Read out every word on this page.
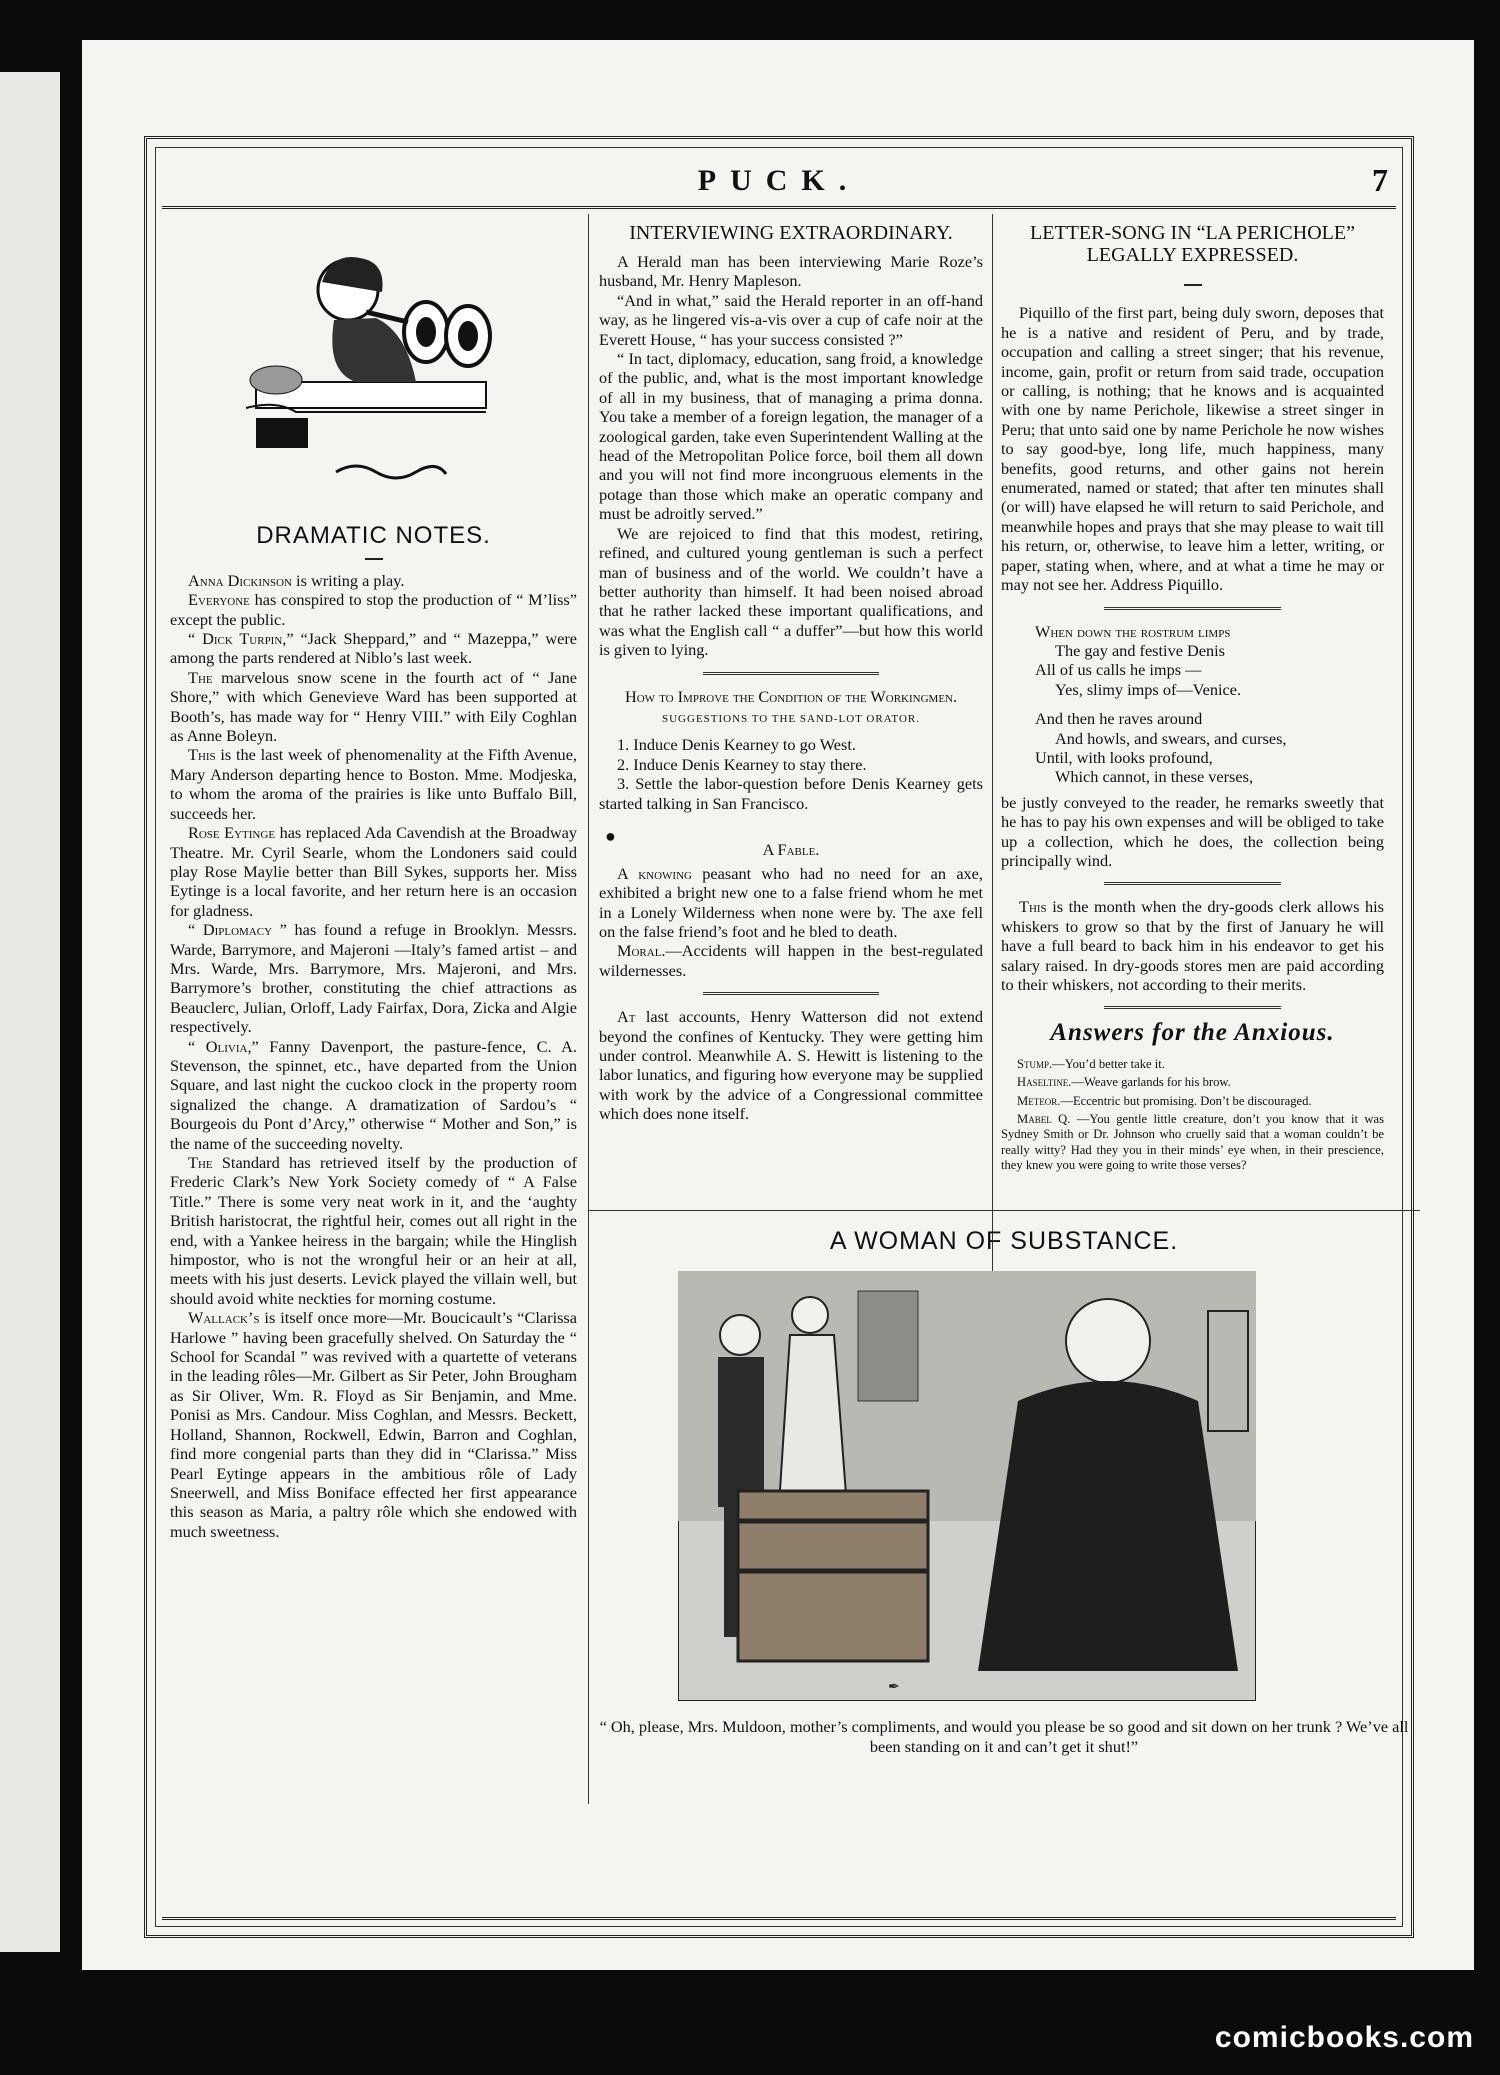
PUCK.	7
DRAMATIC NOTES.

Anna Dickinson is writing a play.

Everyone has conspired to stop the production of “ M’liss” except the public.

“ Dick Turpin,” “Jack Sheppard,” and “ Mazeppa,” were among the parts rendered at Niblo’s last week.

The marvelous snow scene in the fourth act of “ Jane Shore,” with which Genevieve Ward has been supported at Booth’s, has made way for “ Henry VIII.” with Eily Coghlan as Anne Boleyn.

This is the last week of phenomenality at the Fifth Avenue, Mary Anderson departing hence to Boston. Mme. Modjeska, to whom the aroma of the prairies is like unto Buffalo Bill, succeeds her.

Rose Eytinge has replaced Ada Cavendish at the Broadway Theatre. Mr. Cyril Searle, whom the Londoners said could play Rose Maylie better than Bill Sykes, supports her. Miss Eytinge is a local favorite, and her return here is an occasion for gladness.

“ Diplomacy ” has found a refuge in Brooklyn. Messrs. Warde, Barrymore, and Majeroni —Italy’s famed artist – and Mrs. Warde, Mrs. Barrymore, Mrs. Majeroni, and Mrs. Barrymore’s brother, constituting the chief attractions as Beauclerc, Julian, Orloff, Lady Fairfax, Dora, Zicka and Algie respectively.

“ Olivia,” Fanny Davenport, the pasture-fence, C. A. Stevenson, the spinnet, etc., have departed from the Union Square, and last night the cuckoo clock in the property room signalized the change. A dramatization of Sardou’s “ Bourgeois du Pont d’Arcy,” otherwise “ Mother and Son,” is the name of the succeeding novelty.

The Standard has retrieved itself by the production of Frederic Clark’s New York Society comedy of “ A False Title.” There is some very neat work in it, and the ‘aughty British haristocrat, the rightful heir, comes out all right in the end, with a Yankee heiress in the bargain; while the Hinglish himpostor, who is not the wrongful heir or an heir at all, meets with his just deserts. Levick played the villain well, but should avoid white neckties for morning costume.

Wallack’s is itself once more—Mr. Boucicault’s “Clarissa Harlowe ” having been gracefully shelved. On Saturday the “ School for Scandal ” was revived with a quartette of veterans in the leading rôles—Mr. Gilbert as Sir Peter, John Brougham as Sir Oliver, Wm. R. Floyd as Sir Benjamin, and Mme. Ponisi as Mrs. Candour. Miss Coghlan, and Messrs. Beckett, Holland, Shannon, Rockwell, Edwin, Barron and Coghlan, find more congenial parts than they did in “Clarissa.” Miss Pearl Eytinge appears in the ambitious rôle of Lady Sneerwell, and Miss Boniface effected her first appearance this season as Maria, a paltry rôle which she endowed with much sweetness.

INTERVIEWING EXTRAORDINARY.

A Herald man has been interviewing Marie Roze’s husband, Mr. Henry Mapleson.

“And in what,” said the Herald reporter in an off-hand way, as he lingered vis-a-vis over a cup of cafe noir at the Everett House, “ has your success consisted ?”

“ In tact, diplomacy, education, sang froid, a knowledge of the public, and, what is the most important knowledge of all in my business, that of managing a prima donna. You take a member of a foreign legation, the manager of a zoological garden, take even Superintendent Walling at the head of the Metropolitan Police force, boil them all down and you will not find more incongruous elements in the potage than those which make an operatic company and must be adroitly served.”

We are rejoiced to find that this modest, retiring, refined, and cultured young gentleman is such a perfect man of business and of the world. We couldn’t have a better authority than himself. It had been noised abroad that he rather lacked these important qualifications, and was what the English call “ a duffer”—but how this world is given to lying.

How to Improve the Condition of the Workingmen.
SUGGESTIONS TO THE SAND-LOT ORATOR.

1. Induce Denis Kearney to go West.

2. Induce Denis Kearney to stay there.

3. Settle the labor-question before Denis Kearney gets started talking in San Francisco.

●
A Fable.

A knowing peasant who had no need for an axe, exhibited a bright new one to a false friend whom he met in a Lonely Wilderness when none were by. The axe fell on the false friend’s foot and he bled to death.

Moral.—Accidents will happen in the best-regulated wildernesses.

At last accounts, Henry Watterson did not extend beyond the confines of Kentucky. They were getting him under control. Meanwhile A. S. Hewitt is listening to the labor lunatics, and figuring how everyone may be supplied with work by the advice of a Congressional committee which does none itself.

LETTER-SONG IN “LA PERICHOLE” LEGALLY EXPRESSED.

Piquillo of the first part, being duly sworn, deposes that he is a native and resident of Peru, and by trade, occupation and calling a street singer; that his revenue, income, gain, profit or return from said trade, occupation or calling, is nothing; that he knows and is acquainted with one by name Perichole, likewise a street singer in Peru; that unto said one by name Perichole he now wishes to say good-bye, long life, much happiness, many benefits, good returns, and other gains not herein enumerated, named or stated; that after ten minutes shall (or will) have elapsed he will return to said Perichole, and meanwhile hopes and prays that she may please to wait till his return, or, otherwise, to leave him a letter, writing, or paper, stating when, where, and at what a time he may or may not see her. Address Piquillo.

When down the rostrum limps
The gay and festive Denis
All of us calls he imps —
Yes, slimy imps of—Venice.
And then he raves around
And howls, and swears, and curses,
Until, with looks profound,
Which cannot, in these verses,

be justly conveyed to the reader, he remarks sweetly that he has to pay his own expenses and will be obliged to take up a collection, which he does, the collection being principally wind.

This is the month when the dry-goods clerk allows his whiskers to grow so that by the first of January he will have a full beard to back him in his endeavor to get his salary raised. In dry-goods stores men are paid according to their whiskers, not according to their merits.

Answers for the Anxious.

Stump.—You’d better take it.

Haseltine.—Weave garlands for his brow.

Meteor.—Eccentric but promising. Don’t be discouraged.

Mabel Q. —You gentle little creature, don’t you know that it was Sydney Smith or Dr. Johnson who cruelly said that a woman couldn’t be really witty? Had they you in their minds’ eye when, in their prescience, they knew you were going to write those verses?

A WOMAN OF SUBSTANCE.
✒
“ Oh, please, Mrs. Muldoon, mother’s compliments, and would you please be so good and sit down on her trunk ? We’ve all been standing on it and can’t get it shut!”
comicbooks.com
